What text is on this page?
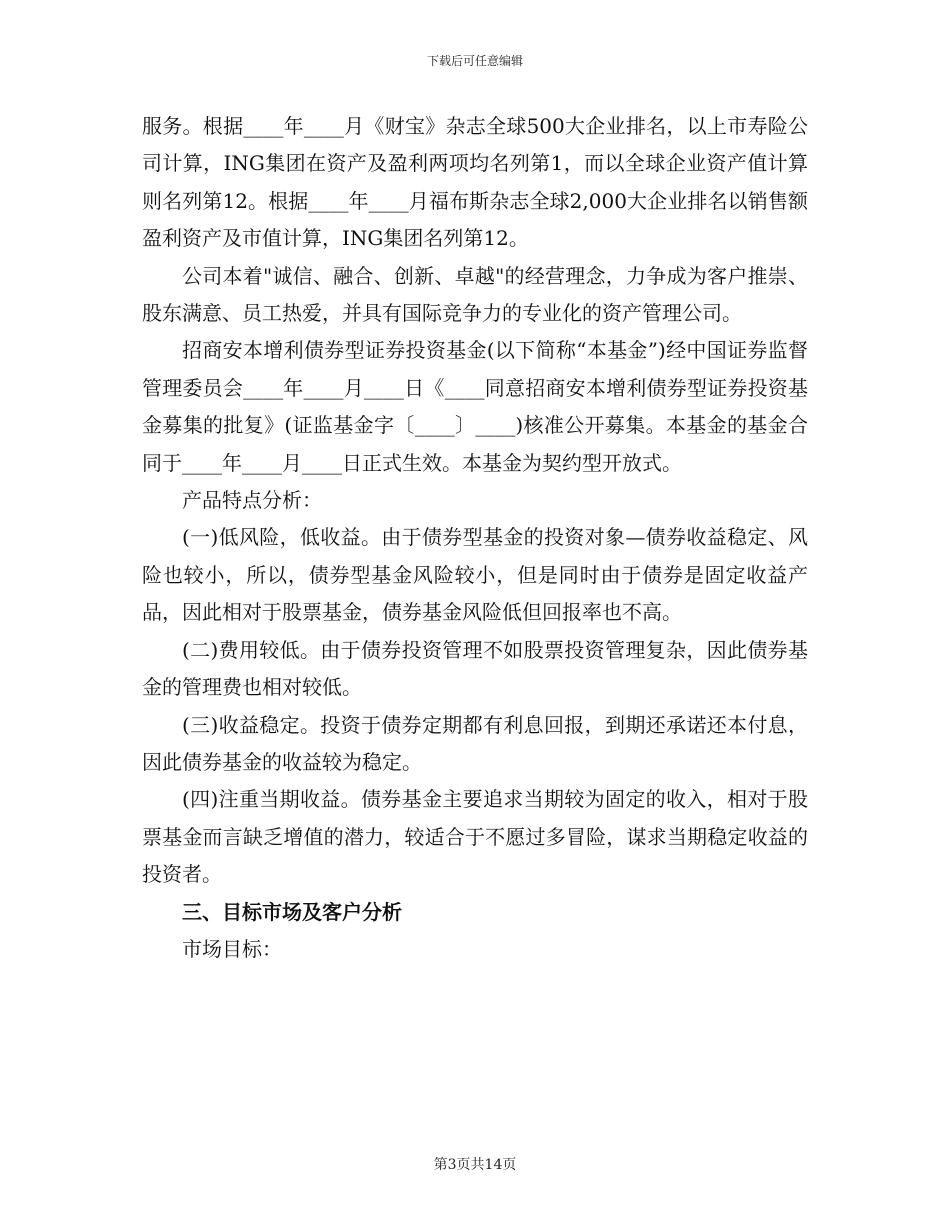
下载后可任意编辑

服务。根据____年____月《财宝》杂志全球500大企业排名，以上市寿险公司计算，ING集团在资产及盈利两项均名列第1，而以全球企业资产值计算则名列第12。根据____年____月福布斯杂志全球2,000大企业排名以销售额盈利资产及市值计算，ING集团名列第12。

公司本着"诚信、融合、创新、卓越"的经营理念，力争成为客户推崇、股东满意、员工热爱，并具有国际竞争力的专业化的资产管理公司。

招商安本增利债券型证券投资基金(以下简称“本基金”)经中国证券监督管理委员会____年____月____日《____同意招商安本增利债券型证券投资基金募集的批复》(证监基金字〔____〕____)核准公开募集。本基金的基金合同于____年____月____日正式生效。本基金为契约型开放式。

产品特点分析：

(一)低风险，低收益。由于债券型基金的投资对象—债券收益稳定、风险也较小，所以，债券型基金风险较小，但是同时由于债券是固定收益产品，因此相对于股票基金，债券基金风险低但回报率也不高。

(二)费用较低。由于债券投资管理不如股票投资管理复杂，因此债券基金的管理费也相对较低。

(三)收益稳定。投资于债券定期都有利息回报，到期还承诺还本付息，因此债券基金的收益较为稳定。

(四)注重当期收益。债券基金主要追求当期较为固定的收入，相对于股票基金而言缺乏增值的潜力，较适合于不愿过多冒险，谋求当期稳定收益的投资者。

三、目标市场及客户分析

市场目标：

第3页共14页
